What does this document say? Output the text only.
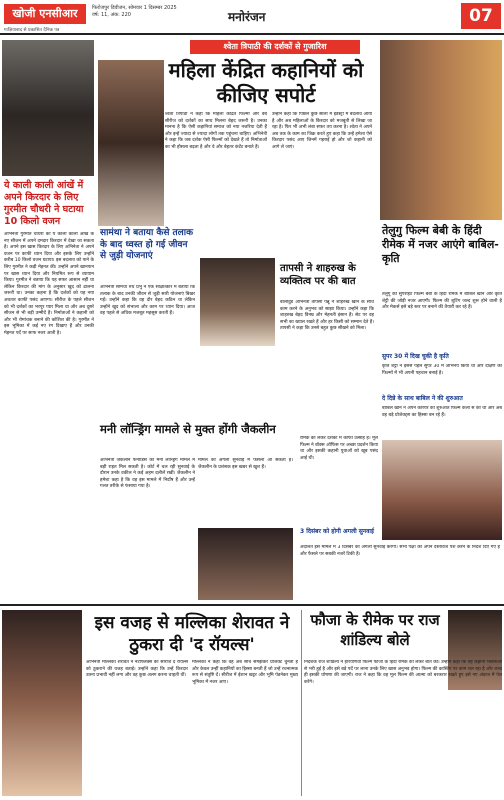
खोजी एनसीआर	फिरोजपुर डिवीजन, सोमवार 1 दिसम्बर 2025
वर्ष: 11, अंक: 220
गाज़ियाबाद से प्रकाशित दैनिक पत्र
मनोरंजन	07
ये काली काली आंखें में अपने किरदार के लिए गुरमीत चौधरी ने घटाया 10 किलो वजन
अभिनेता गुरमीत चौधरी को ये काली काली आंखें के नए सीजन में अपने दमदार किरदार में देखा जा सकता है। अपने इस खास किरदार के लिए अभिनेता ने अपने वजन पर काफी ध्यान दिया और इसके लिए उन्होंने करीब 10 किलो वजन घटाया। इस बदलाव को पाने के लिए गुरमीत ने कड़ी मेहनत की। उन्होंने अपने खानपान पर खास ध्यान दिया और नियमित रूप से व्यायाम किया। गुरमीत ने बताया कि यह सफर आसान नहीं था लेकिन किरदार की मांग के अनुसार खुद को ढालना जरूरी था। उनका कहना है कि दर्शकों को यह नया अवतार काफी पसंद आएगा। सीरीज के पहले सीजन को भी दर्शकों का भरपूर प्यार मिला था और अब दूसरे सीजन से भी बड़ी उम्मीदें हैं। निर्माताओं ने कहानी को और भी रोमांचक बनाने की कोशिश की है। गुरमीत ने इस भूमिका में कई नए रंग दिखाए हैं और उनकी मेहनत पर्दे पर साफ नजर आती है।
श्वेता त्रिपाठी की दर्शकों से गुजारिश
महिला केंद्रित कहानियों को कीजिए सपोर्ट
श्वेता त्रिपाठी ने कहा कि महिला केंद्रित फिल्मों और वेब सीरीज को दर्शकों का साथ मिलना बेहद जरूरी है। उनका मानना है कि ऐसी कहानियां समाज को नया नजरिया देती हैं और इन्हें ज्यादा से ज्यादा लोगों तक पहुंचना चाहिए। अभिनेत्री ने कहा कि जब दर्शक ऐसी फिल्मों को देखते हैं तो निर्माताओं का भी हौसला बढ़ता है और वे और बेहतर कंटेंट बनाते हैं।
उन्होंने कहा कि पिछले कुछ सालों में इंडस्ट्री में बदलाव आया है और अब महिलाओं के किरदार को मजबूती से लिखा जा रहा है। फिर भी अभी लंबा सफर तय करना है। श्वेता ने अपने अब तक के काम का जिक्र करते हुए कहा कि उन्हें हमेशा ऐसे किरदार पसंद आए जिनमें गहराई हो और जो कहानी को आगे ले जाएं।
सामंथा ने बताया कैसे तलाक के बाद ध्वस्त हो गई जीवन से जुड़ी योजनाएं
अभिनेत्री सामंथा रुथ प्रभु ने एक साक्षात्कार में बताया कि तलाक के बाद उनकी जीवन से जुड़ी सारी योजनाएं बिखर गईं। उन्होंने कहा कि वह दौर बेहद कठिन था लेकिन उन्होंने खुद को संभाला और काम पर ध्यान दिया। आज वह पहले से अधिक मजबूत महसूस करती हैं।
तापसी ने शाहरुख के व्यक्तित्व पर की बात
बॉलीवुड अभिनेत्री तापसी पन्नू ने शाहरुख खान के साथ काम करने के अनुभव को साझा किया। उन्होंने कहा कि शाहरुख बेहद विनम्र और मेहनती इंसान हैं। सेट पर वह सभी का ख्याल रखते हैं और हर किसी को सम्मान देते हैं। तापसी ने कहा कि उनसे बहुत कुछ सीखने को मिला।
मनी लॉन्ड्रिंग मामले से मुक्त होंगी जैकलीन
अभिनेत्री जैकलीन फर्नांडिस को मनी लॉन्ड्रिंग मामले में बड़ी राहत मिल सकती है। कोर्ट में चल रही सुनवाई के दौरान उनके वकील ने कई अहम दलीलें रखीं। जैकलीन ने हमेशा कहा है कि वह इस मामले में निर्दोष हैं और उन्हें गलत तरीके से फंसाया गया है।
मामले की अगली सुनवाई में फैसला आ सकता है। जैकलीन के प्रशंसक इस खबर से खुश हैं।
तेलुगु फिल्म बेबी के हिंदी रीमेक में नजर आएंगे बाबिल-कृति
तेलुगु की सुपरहिट फिल्म बेबी के हिंदी रीमेक में बाबिल खान और कृति शेट्टी की जोड़ी नजर आएगी। फिल्म की शूटिंग जल्द शुरू होने वाली है और मेकर्स इसे बड़े स्तर पर बनाने की तैयारी कर रहे हैं।
सुपर 30 में दिख चुकी है कृति
कृति शेट्टी ने इससे पहले सुपर 30 में अभिनय किया था और दक्षिण की फिल्मों में भी अपनी पहचान बनाई है।
दे दिन्ने के साथ बाबिल ने की शुरुआत
बाबिल खान ने अपने करियर की शुरुआत फिल्म कला से की थी और अब वह बड़े प्रोजेक्ट्स का हिस्सा बन रहे हैं।
रीमेक को लेकर दर्शकों में काफी उत्साह है। मूल फिल्म ने बॉक्स ऑफिस पर अच्छा प्रदर्शन किया था और इसकी कहानी युवाओं को खूब पसंद आई थी।
3 दिसंबर को होगी अगली सुनवाई
अदालत इस मामले में 3 दिसंबर को अगली सुनवाई करेगी। सभी पक्षों को अपने दस्तावेज पेश करने के निर्देश दिए गए हैं और फैसले पर सबकी नजरें टिकी हैं।
इस वजह से मल्लिका शेरावत ने ठुकरा दी 'द रॉयल्स'
अभिनेत्री मल्लिका शेरावत ने नेटफ्लिक्स की सीरीज द रॉयल्स को ठुकराने की वजह बताई। उन्होंने कहा कि उन्हें किरदार उतना प्रभावी नहीं लगा और वह कुछ अलग करना चाहती थीं।
मल्लिका ने कहा कि वह अब सोच समझकर प्रोजेक्ट चुनती हैं और केवल उन्हीं कहानियों का हिस्सा बनती हैं जो उन्हें रचनात्मक रूप से संतुष्टि दें। सीरीज में ईशान खट्टर और भूमि पेडनेकर मुख्य भूमिका में नजर आए।
फौजा के रीमेक पर राज शांडिल्य बोले
निर्देशक राज शांडिल्य ने हरियाणवी फिल्म फौजा के हिंदी रीमेक को लेकर बात की। उन्होंने कहा कि यह कहानी भावनाओं से भरी हुई है और इसे बड़े पर्दे पर लाना उनके लिए खास अनुभव होगा। फिल्म की कास्टिंग पर काम चल रहा है और जल्द ही इसकी घोषणा की जाएगी। राज ने कहा कि वह मूल फिल्म की आत्मा को बरकरार रखते हुए इसे नए अंदाज में पेश करेंगे।
